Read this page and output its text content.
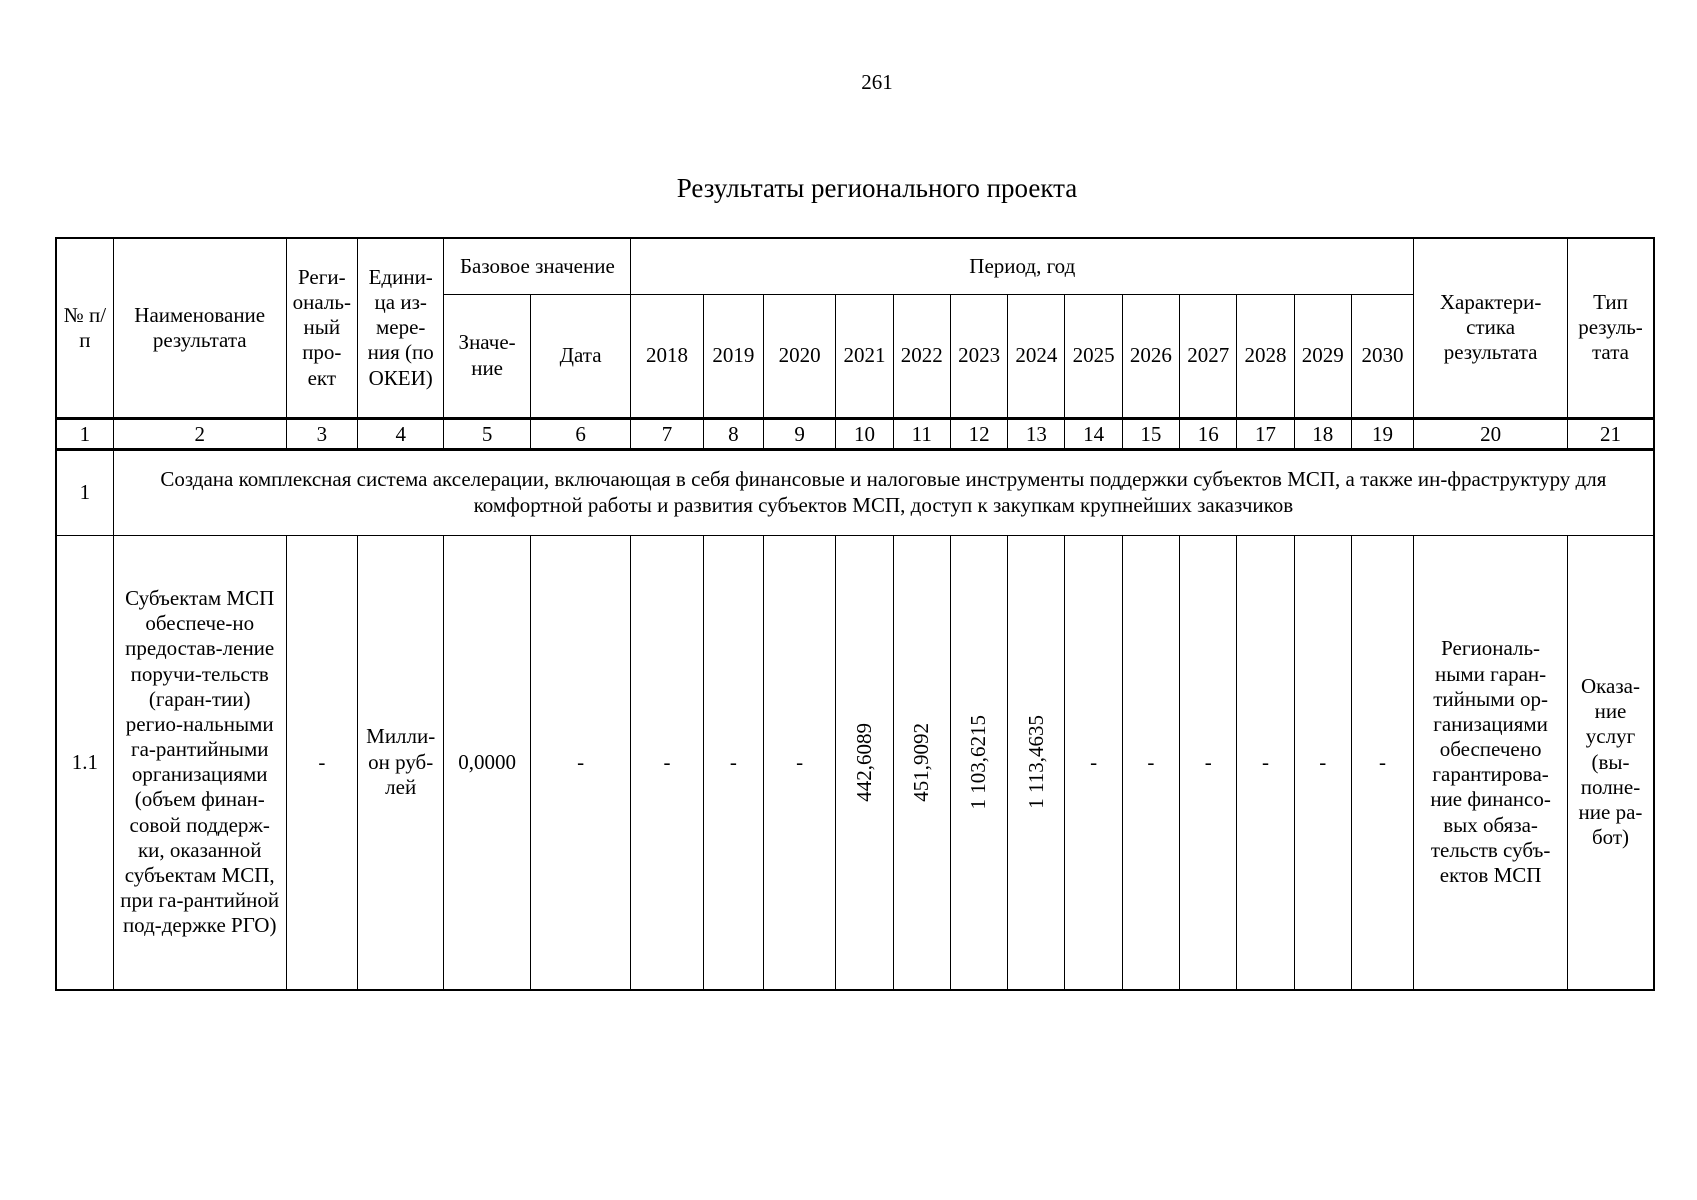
261
Результаты регионального проекта
№ п/п	Наименование результата	Реги-ональ-ный про-ект	Едини-ца из-мере-ния (по ОКЕИ)	Базовое значение		Период, год													Характери-стика результата	Тип резуль-тата
				Значе-ние	Дата	2018	2019	2020	2021	2022	2023	2024	2025	2026	2027	2028	2029	2030		
1	2	3	4	5	6	7	8	9	10	11	12	13	14	15	16	17	18	19	20	21
1	Создана комплексная система акселерации, включающая в себя финансовые и налоговые инструменты поддержки субъектов МСП, а также ин-фраструктуру для комфортной работы и развития субъектов МСП, доступ к закупкам крупнейших заказчиков																			
1.1	Субъектам МСП обеспече-но предостав-ление поручи-тельств (гаран-тии) регио-нальными га-рантийными организациями (объем финан-совой поддерж-ки, оказанной субъектам МСП, при га-рантийной под-держке РГО)	-	Милли-он руб-лей	0,0000	-	-	-	-	442,6089	451,9092	1 103,6215	1 113,4635	-	-	-	-	-	-	Региональ-ными гаран-тийными ор-ганизациями обеспечено гарантирова-ние финансо-вых обяза-тельств субъ-ектов МСП	Оказа-ние услуг (вы-полне-ние ра-бот)
